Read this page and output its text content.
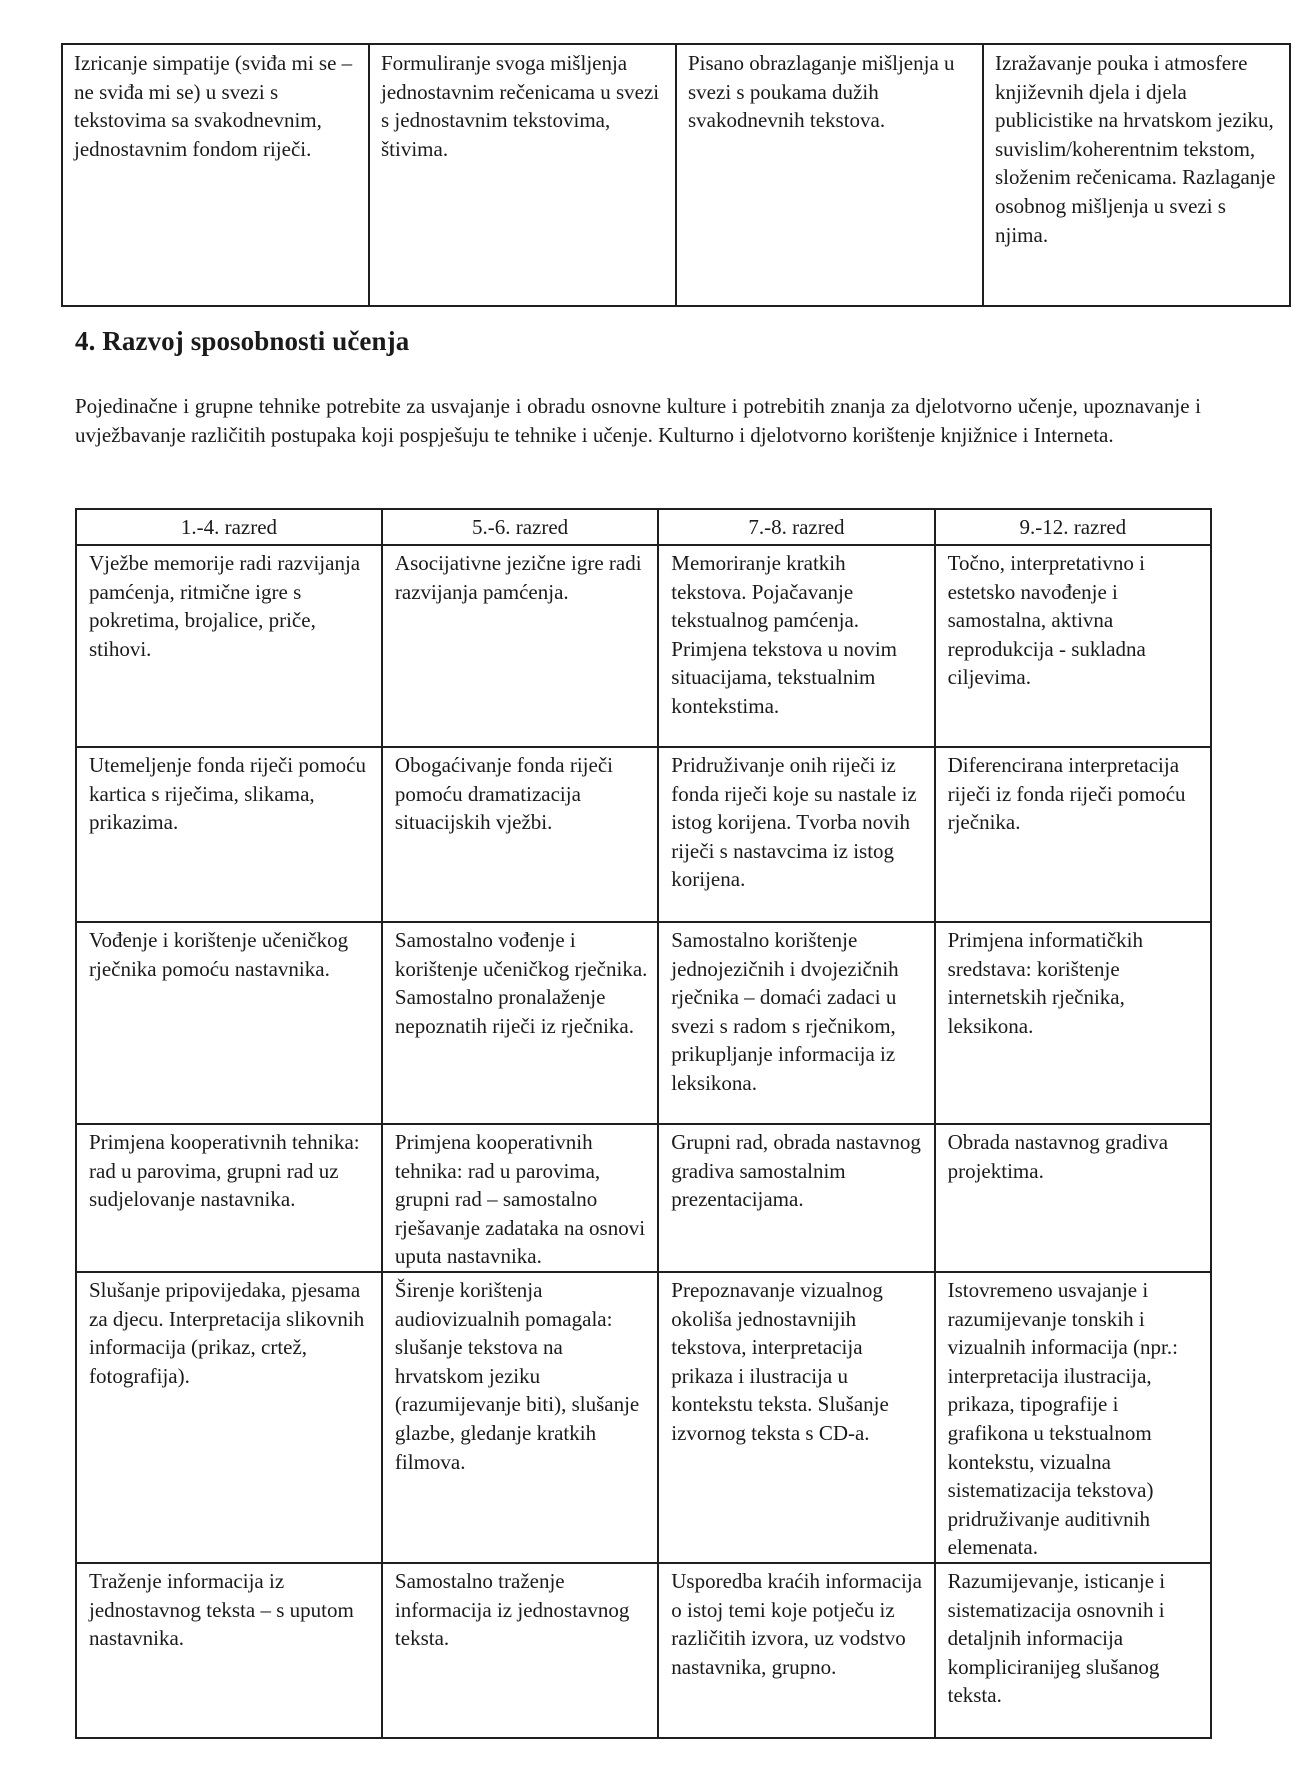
Izricanje simpatije (sviđa mi se – ne sviđa mi se) u svezi s tekstovima sa svakodnevnim, jednostavnim fondom riječi.	Formuliranje svoga mišljenja jednostavnim rečenicama u svezi s jednostavnim tekstovima, štivima.	Pisano obrazlaganje mišljenja u svezi s poukama dužih svakodnevnih tekstova.	Izražavanje pouka i atmosfere književnih djela i djela publicistike na hrvatskom jeziku, suvislim/koherentnim tekstom, složenim rečenicama. Razlaganje osobnog mišljenja u svezi s njima.
4. Razvoj sposobnosti učenja

Pojedinačne i grupne tehnike potrebite za usvajanje i obradu osnovne kulture i potrebitih znanja za djelotvorno učenje, upoznavanje i uvježbavanje različitih postupaka koji pospješuju te tehnike i učenje. Kulturno i djelotvorno korištenje knjižnice i Interneta.

1.-4. razred	5.-6. razred	7.-8. razred	9.-12. razred
Vježbe memorije radi razvijanja pamćenja, ritmične igre s pokretima, brojalice, priče, stihovi.	Asocijativne jezične igre radi razvijanja pamćenja.	Memoriranje kratkih tekstova. Pojačavanje tekstualnog pamćenja. Primjena tekstova u novim situacijama, tekstualnim kontekstima.	Točno, interpretativno i estetsko navođenje i samostalna, aktivna reprodukcija - sukladna ciljevima.
Utemeljenje fonda riječi pomoću kartica s riječima, slikama, prikazima.	Obogaćivanje fonda riječi pomoću dramatizacija situacijskih vježbi.	Pridruživanje onih riječi iz fonda riječi koje su nastale iz istog korijena. Tvorba novih riječi s nastavcima iz istog korijena.	Diferencirana interpretacija riječi iz fonda riječi pomoću rječnika.
Vođenje i korištenje učeničkog rječnika pomoću nastavnika.	Samostalno vođenje i korištenje učeničkog rječnika. Samostalno pronalaženje nepoznatih riječi iz rječnika.	Samostalno korištenje jednojezičnih i dvojezičnih rječnika – domaći zadaci u svezi s radom s rječnikom, prikupljanje informacija iz leksikona.	Primjena informatičkih sredstava: korištenje internetskih rječnika, leksikona.
Primjena kooperativnih tehnika: rad u parovima, grupni rad uz sudjelovanje nastavnika.	Primjena kooperativnih tehnika: rad u parovima, grupni rad – samostalno rješavanje zadataka na osnovi uputa nastavnika.	Grupni rad, obrada nastavnog gradiva samostalnim prezentacijama.	Obrada nastavnog gradiva projektima.
Slušanje pripovijedaka, pjesama za djecu. Interpretacija slikovnih informacija (prikaz, crtež, fotografija).	Širenje korištenja audiovizualnih pomagala: slušanje tekstova na hrvatskom jeziku (razumijevanje biti), slušanje glazbe, gledanje kratkih filmova.	Prepoznavanje vizualnog okoliša jednostavnijih tekstova, interpretacija prikaza i ilustracija u kontekstu teksta. Slušanje izvornog teksta s CD-a.	Istovremeno usvajanje i razumijevanje tonskih i vizualnih informacija (npr.: interpretacija ilustracija, prikaza, tipografije i grafikona u tekstualnom kontekstu, vizualna sistematizacija tekstova) pridruživanje auditivnih elemenata.
Traženje informacija iz jednostavnog teksta – s uputom nastavnika.	Samostalno traženje informacija iz jednostavnog teksta.	Usporedba kraćih informacija o istoj temi koje potječu iz različitih izvora, uz vodstvo nastavnika, grupno.	Razumijevanje, isticanje i sistematizacija osnovnih i detaljnih informacija kompliciranijeg slušanog teksta.
